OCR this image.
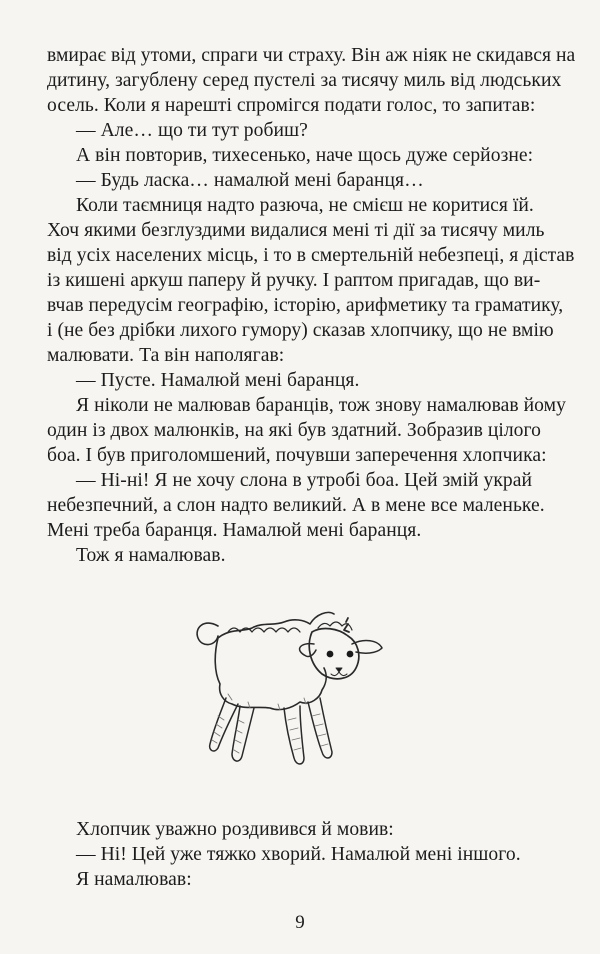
вмирає від утоми, спраги чи страху. Він аж ніяк не скидався на
дитину, загублену серед пустелі за тисячу миль від людських
осель. Коли я нарешті спромігся подати голос, то запитав:
— Але… що ти тут робиш?
А він повторив, тихесенько, наче щось дуже серйозне:
— Будь ласка… намалюй мені баранця…
Коли таємниця надто разюча, не смієш не коритися їй.
Хоч якими безглуздими видалися мені ті дії за тисячу миль
від усіх населених місць, і то в смертельній небезпеці, я дістав
із кишені аркуш паперу й ручку. І раптом пригадав, що ви-
вчав передусім географію, історію, арифметику та граматику,
і (не без дрібки лихого гумору) сказав хлопчику, що не вмію
малювати. Та він наполягав:
— Пусте. Намалюй мені баранця.
Я ніколи не малював баранців, тож знову намалював йому
один із двох малюнків, на які був здатний. Зобразив цілого
боа. І був приголомшений, почувши заперечення хлопчика:
— Ні-ні! Я не хочу слона в утробі боа. Цей змій украй
небезпечний, а слон надто великий. А в мене все маленьке.
Мені треба баранця. Намалюй мені баранця.
Тож я намалював.
Хлопчик уважно роздивився й мовив:
— Ні! Цей уже тяжко хворий. Намалюй мені іншого.
Я намалював:
9
